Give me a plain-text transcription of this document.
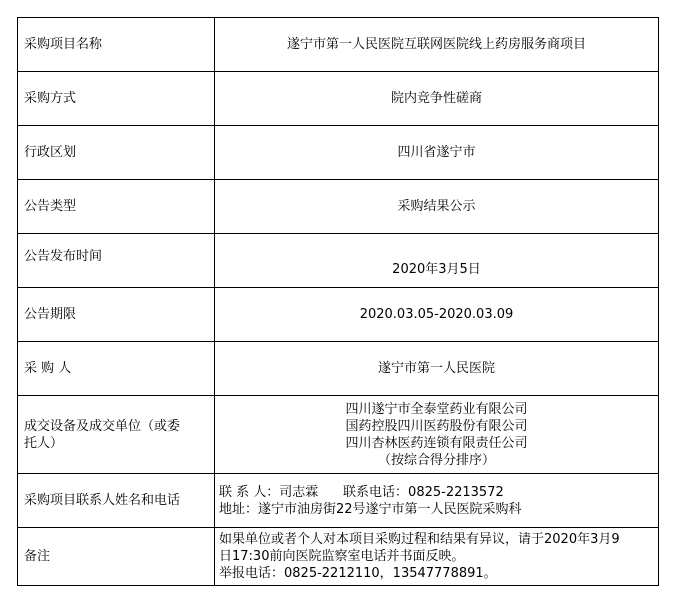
采购项目名称	遂宁市第一人民医院互联网医院线上药房服务商项目
采购方式	院内竞争性磋商
行政区划	四川省遂宁市
公告类型	采购结果公示
公告发布时间	2020年3月5日
公告期限	2020.03.05-2020.03.09
采 购 人	遂宁市第一人民医院

成交设备及成交单位（或委
托人）	四川遂宁市全泰堂药业有限公司
国药控股四川医药股份有限公司
四川杏林医药连锁有限责任公司
（按综合得分排序）

采购项目联系人姓名和电话	联 系 人：司志霖      联系电话：0825-2213572
地址：遂宁市油房街22号遂宁市第一人民医院采购科

备注	如果单位或者个人对本项目采购过程和结果有异议，请于2020年3月9
日17:30前向医院监察室电话并书面反映。
举报电话：0825-2212110，13547778891。
